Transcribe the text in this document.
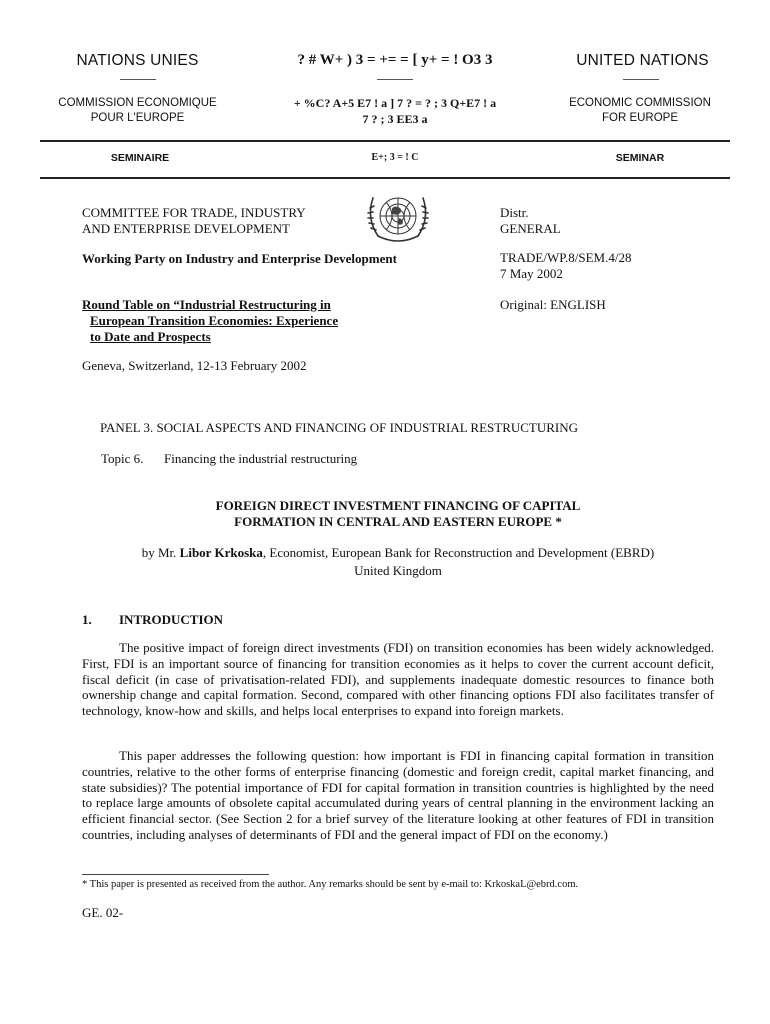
NATIONS UNIES	? # W+ ) 3 = += = [ y+ = ! O3 3	UNITED NATIONS
COMMISSION ECONOMIQUE
POUR L'EUROPE
+ %C? A+5 E7 ! a ] 7 ? = ? ; 3 Q+E7 ! a
7 ? ; 3 EE3 a
ECONOMIC COMMISSION
FOR EUROPE
SEMINAIRE	E+; 3 = ! C	SEMINAR
COMMITTEE FOR TRADE, INDUSTRY
AND ENTERPRISE DEVELOPMENT
Working Party on Industry and Enterprise Development
Round Table on “Industrial Restructuring in
European Transition Economies: Experience
to Date and Prospects
Geneva, Switzerland, 12-13 February 2002
Distr.
GENERAL
TRADE/WP.8/SEM.4/28
7 May 2002
Original: ENGLISH
PANEL 3. SOCIAL ASPECTS AND FINANCING OF INDUSTRIAL RESTRUCTURING
Topic 6.	Financing the industrial restructuring
FOREIGN DIRECT INVESTMENT FINANCING OF CAPITAL
FORMATION IN CENTRAL AND EASTERN EUROPE *
by Mr. Libor Krkoska, Economist, European Bank for Reconstruction and Development (EBRD)
United Kingdom
1.	INTRODUCTION
The positive impact of foreign direct investments (FDI) on transition economies has been widely acknowledged. First, FDI is an important source of financing for transition economies as it helps to cover the current account deficit, fiscal deficit (in case of privatisation-related FDI), and supplements inadequate domestic resources to finance both ownership change and capital formation. Second, compared with other financing options FDI also facilitates transfer of technology, know-how and skills, and helps local enterprises to expand into foreign markets.
This paper addresses the following question: how important is FDI in financing capital formation in transition countries, relative to the other forms of enterprise financing (domestic and foreign credit, capital market financing, and state subsidies)? The potential importance of FDI for capital formation in transition countries is highlighted by the need to replace large amounts of obsolete capital accumulated during years of central planning in the environment lacking an efficient financial sector. (See Section 2 for a brief survey of the literature looking at other features of FDI in transition countries, including analyses of determinants of FDI and the general impact of FDI on the economy.)
* This paper is presented as received from the author. Any remarks should be sent by e-mail to: KrkoskaL@ebrd.com.
GE. 02-
